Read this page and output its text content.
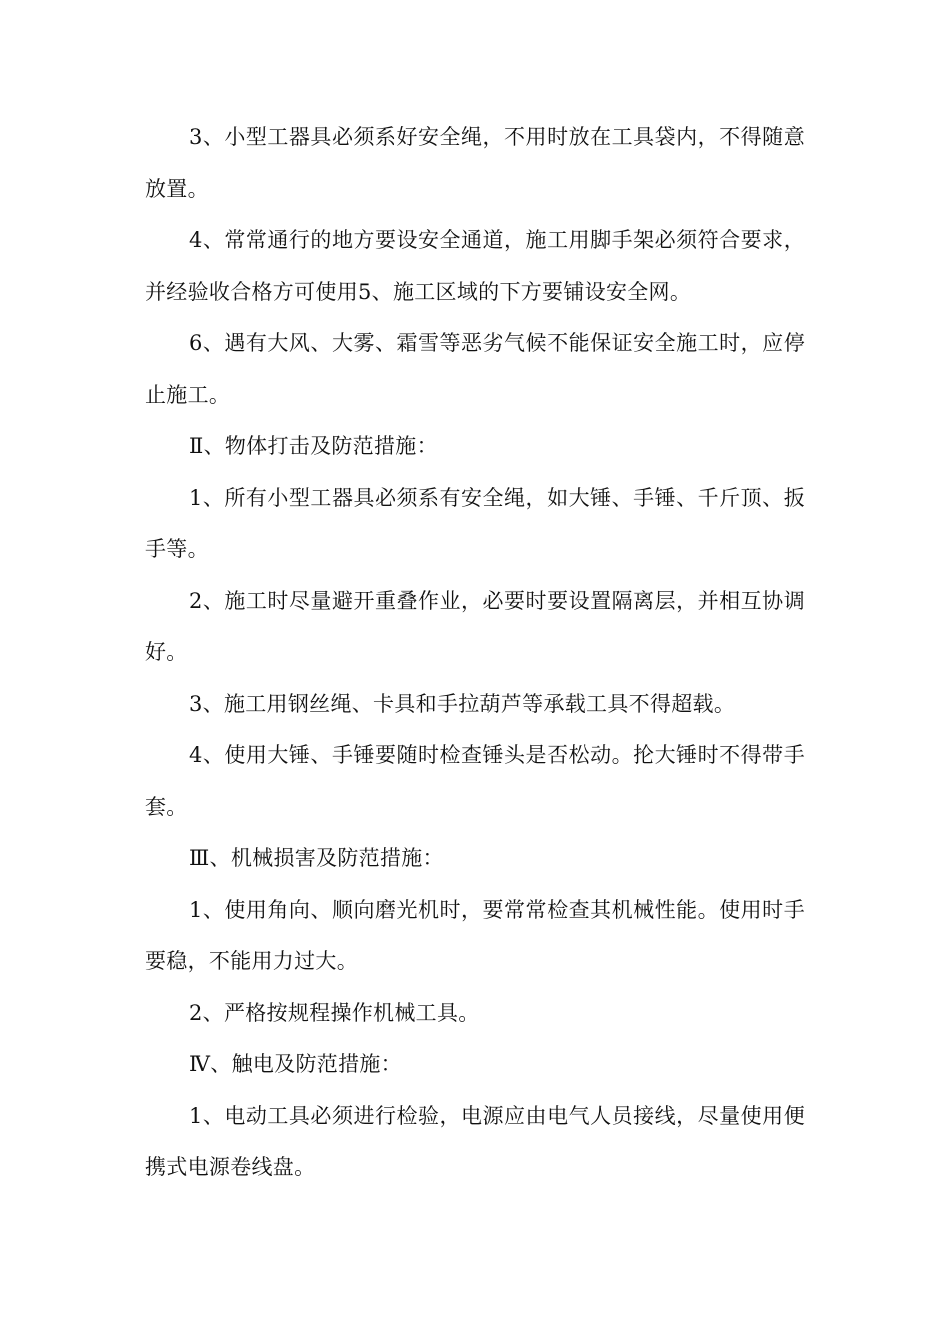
3、小型工器具必须系好安全绳，不用时放在工具袋内，不得随意放置。

4、常常通行的地方要设安全通道，施工用脚手架必须符合要求，并经验收合格方可使用5、施工区域的下方要铺设安全网。

6、遇有大风、大雾、霜雪等恶劣气候不能保证安全施工时，应停止施工。

Ⅱ、物体打击及防范措施：

1、所有小型工器具必须系有安全绳，如大锤、手锤、千斤顶、扳手等。

2、施工时尽量避开重叠作业，必要时要设置隔离层，并相互协调好。

3、施工用钢丝绳、卡具和手拉葫芦等承载工具不得超载。

4、使用大锤、手锤要随时检查锤头是否松动。抡大锤时不得带手套。

Ⅲ、机械损害及防范措施：

1、使用角向、顺向磨光机时，要常常检查其机械性能。使用时手要稳，不能用力过大。

2、严格按规程操作机械工具。

Ⅳ、触电及防范措施：

1、电动工具必须进行检验，电源应由电气人员接线，尽量使用便携式电源卷线盘。
